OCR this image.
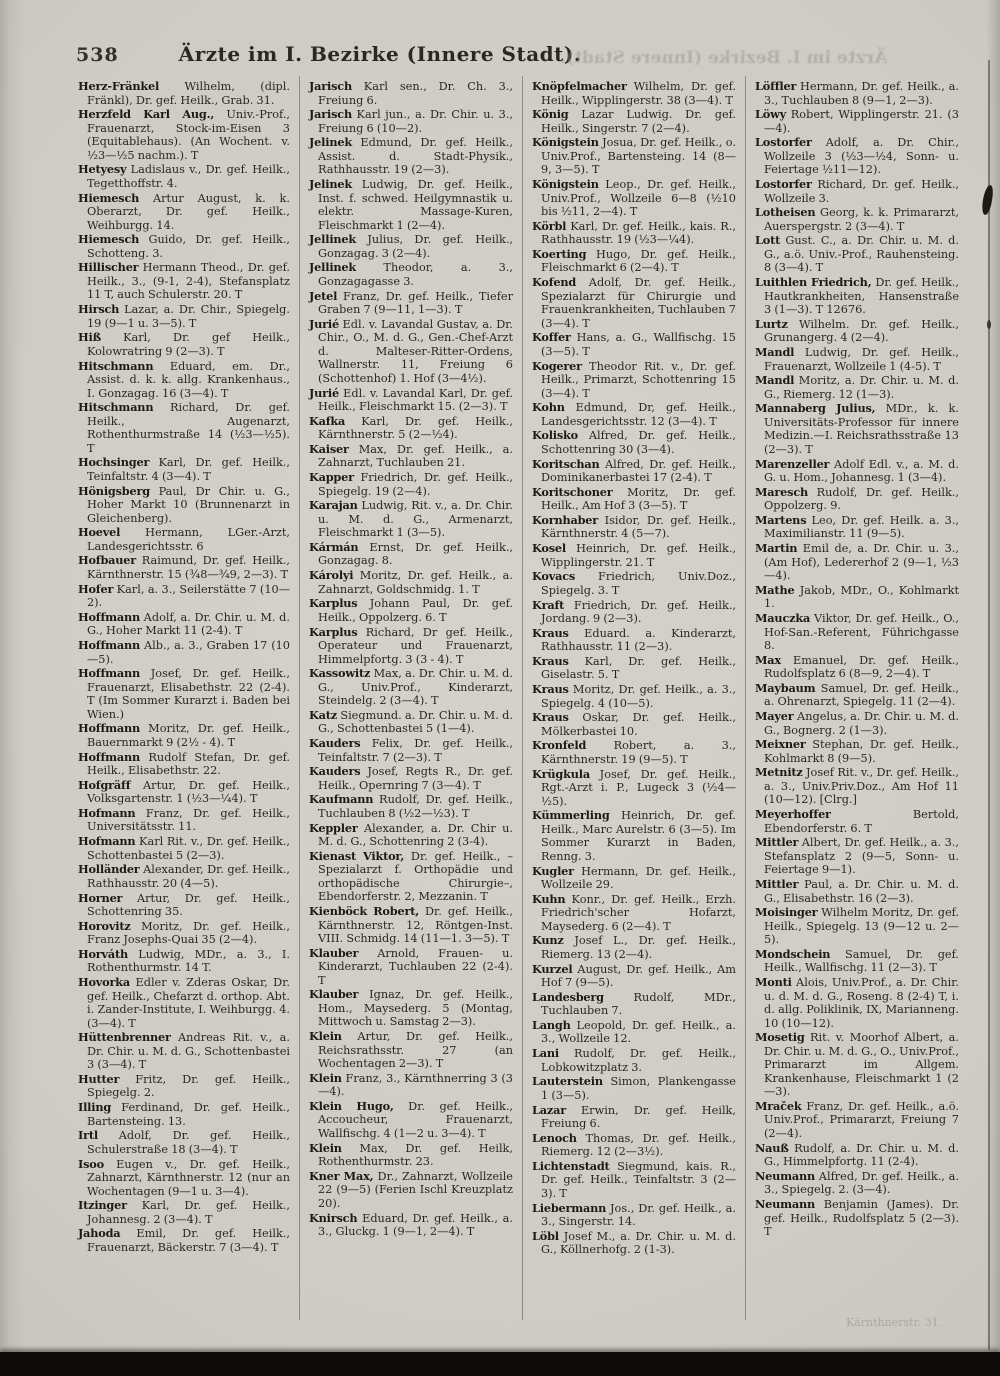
538	Ärzte im I. Bezirke (Innere Stadt).
Ärzte im I. Bezirke (Innere Stadt).
Herz-Fränkel Wilhelm, (dipl. Fränkl), Dr. gef. Heilk., Grab. 31.
Herzfeld Karl Aug., Univ.-Prof., Frauenarzt, Stock-im-Eisen 3 (Equitablehaus). (An Wochent. v. ½3—½5 nachm.). T
Hetyesy Ladislaus v., Dr. gef. Heilk., Tegetthoffstr. 4.
Hiemesch Artur August, k. k. Oberarzt, Dr. gef. Heilk., Weihburgg. 14.
Hiemesch Guido, Dr. gef. Heilk., Schotteng. 3.
Hillischer Hermann Theod., Dr. gef. Heilk., 3., (9-1, 2-4), Stefansplatz 11 T, auch Schulerstr. 20. T
Hirsch Lazar, a. Dr. Chir., Spiegelg. 19 (9—1 u. 3—5). T
Hiß Karl, Dr. gef Heilk., Kolowratring 9 (2—3). T
Hitschmann Eduard, em. Dr., Assist. d. k. k. allg. Krankenhaus., I. Gonzagag. 16 (3—4). T
Hitschmann Richard, Dr. gef. Heilk., Augenarzt, Rothenthurmstraße 14 (½3—½5). T
Hochsinger Karl, Dr. gef. Heilk., Teinfaltstr. 4 (3—4). T
Hönigsberg Paul, Dr Chir. u. G., Hoher Markt 10 (Brunnenarzt in Gleichenberg).
Hoevel Hermann, LGer.-Arzt, Landesgerichtsstr. 6
Hofbauer Raimund, Dr. gef. Heilk., Kärnthnerstr. 15 (¾8—¾9, 2—3). T
Hofer Karl, a. 3., Seilerstätte 7 (10—2).
Hoffmann Adolf, a. Dr. Chir. u. M. d. G., Hoher Markt 11 (2-4). T
Hoffmann Alb., a. 3., Graben 17 (10—5).
Hoffmann Josef, Dr. gef. Heilk., Frauenarzt, Elisabethstr. 22 (2-4). T (Im Sommer Kurarzt i. Baden bei Wien.)
Hoffmann Moritz, Dr. gef. Heilk., Bauernmarkt 9 (2½ - 4). T
Hoffmann Rudolf Stefan, Dr. gef. Heilk., Elisabethstr. 22.
Hofgräff Artur, Dr. gef. Heilk., Volksgartenstr. 1 (½3—¼4). T
Hofmann Franz, Dr. gef. Heilk., Universitätsstr. 11.
Hofmann Karl Rit. v., Dr. gef. Heilk., Schottenbastei 5 (2—3).
Holländer Alexander, Dr. gef. Heilk., Rathhausstr. 20 (4—5).
Horner Artur, Dr. gef. Heilk., Schottenring 35.
Horovitz Moritz, Dr. gef. Heilk., Franz Josephs-Quai 35 (2—4).
Horváth Ludwig, MDr., a. 3., I. Rothenthurmstr. 14 T.
Hovorka Edler v. Zderas Oskar, Dr. gef. Heilk., Chefarzt d. orthop. Abt. i. Zander-Institute, I. Weihburgg. 4. (3—4). T
Hüttenbrenner Andreas Rit. v., a. Dr. Chir. u. M. d. G., Schottenbastei 3 (3—4). T
Hutter Fritz, Dr. gef. Heilk., Spiegelg. 2.
Illing Ferdinand, Dr. gef. Heilk., Bartensteing. 13.
Irtl Adolf, Dr. gef. Heilk., Schulerstraße 18 (3—4). T
Isoo Eugen v., Dr. gef. Heilk., Zahnarzt, Kärnthnerstr. 12 (nur an Wochentagen (9—1 u. 3—4).
Itzinger Karl, Dr. gef. Heilk., Johannesg. 2 (3—4). T
Jahoda Emil, Dr. gef. Heilk., Frauenarzt, Bäckerstr. 7 (3—4). T
Jarisch Karl sen., Dr. Ch. 3., Freiung 6.
Jarisch Karl jun., a. Dr. Chir. u. 3., Freiung 6 (10—2).
Jelinek Edmund, Dr. gef. Heilk., Assist. d. Stadt-Physik., Rathhausstr. 19 (2—3).
Jelinek Ludwig, Dr. gef. Heilk., Inst. f. schwed. Heilgymnastik u. elektr. Massage-Kuren, Fleischmarkt 1 (2—4).
Jellinek Julius, Dr. gef. Heilk., Gonzagag. 3 (2—4).
Jellinek Theodor, a. 3., Gonzagagasse 3.
Jetel Franz, Dr. gef. Heilk., Tiefer Graben 7 (9—11, 1—3). T
Jurié Edl. v. Lavandal Gustav, a. Dr. Chir., O., M. d. G., Gen.-Chef-Arzt d. Malteser-Ritter-Ordens, Wallnerstr. 11, Freiung 6 (Schottenhof) 1. Hof (3—4½).
Jurié Edl. v. Lavandal Karl, Dr. gef. Heilk., Fleischmarkt 15. (2—3). T
Kafka Karl, Dr. gef. Heilk., Kärnthnerstr. 5 (2—½4).
Kaiser Max, Dr. gef. Heilk., a. Zahnarzt, Tuchlauben 21.
Kapper Friedrich, Dr. gef. Heilk., Spiegelg. 19 (2—4).
Karajan Ludwig, Rit. v., a. Dr. Chir. u. M. d. G., Armenarzt, Fleischmarkt 1 (3—5).
Kármán Ernst, Dr. gef. Heilk., Gonzagag. 8.
Károlyi Moritz, Dr. gef. Heilk., a. Zahnarzt, Goldschmidg. 1. T
Karplus Johann Paul, Dr. gef. Heilk., Oppolzerg. 6. T
Karplus Richard, Dr gef. Heilk., Operateur und Frauenarzt, Himmelpfortg. 3 (3 - 4). T
Kassowitz Max, a. Dr. Chir. u. M. d. G., Univ.Prof., Kinderarzt, Steindelg. 2 (3—4). T
Katz Siegmund. a. Dr. Chir. u. M. d. G., Schottenbastei 5 (1—4).
Kauders Felix, Dr. gef. Heilk., Teinfaltstr. 7 (2—3). T
Kauders Josef, Regts R., Dr. gef. Heilk., Opernring 7 (3—4). T
Kaufmann Rudolf, Dr. gef. Heilk., Tuchlauben 8 (½2—½3). T
Keppler Alexander, a. Dr. Chir u. M. d. G., Schottenring 2 (3-4).
Kienast Viktor, Dr. gef. Heilk., –Spezialarzt f. Orthopädie und orthopädische Chirurgie–, Ebendorferstr. 2, Mezzanin. T
Kienböck Robert, Dr. gef. Heilk., Kärnthnerstr. 12, Röntgen-Inst. VIII. Schmidg. 14 (11—1. 3—5). T
Klauber Arnold, Frauen- u. Kinderarzt, Tuchlauben 22 (2-4). T
Klauber Ignaz, Dr. gef. Heilk., Hom., Maysederg. 5 (Montag, Mittwoch u. Samstag 2—3).
Klein Artur, Dr. gef. Heilk., Reichsrathsstr. 27 (an Wochentagen 2—3). T
Klein Franz, 3., Kärnthnerring 3 (3—4).
Klein Hugo, Dr. gef. Heilk., Accoucheur, Frauenarzt, Wallfischg. 4 (1—2 u. 3—4). T
Klein Max, Dr. gef. Heilk, Rothenthurmstr. 23.
Kner Max, Dr., Zahnarzt, Wollzeile 22 (9—5) (Ferien Ischl Kreuzplatz 20).
Knirsch Eduard, Dr. gef. Heilk., a. 3., Gluckg. 1 (9—1, 2—4). T
Knöpfelmacher Wilhelm, Dr. gef. Heilk., Wipplingerstr. 38 (3—4). T
König Lazar Ludwig. Dr. gef. Heilk., Singerstr. 7 (2—4).
Königstein Josua, Dr. gef. Heilk., o. Univ.Prof., Bartensteing. 14 (8—9, 3—5). T
Königstein Leop., Dr. gef. Heilk., Univ.Prof., Wollzeile 6—8 (½10 bis ½11, 2—4). T
Körbl Karl, Dr. gef. Heilk., kais. R., Rathhausstr. 19 (½3—¼4).
Koerting Hugo, Dr. gef. Heilk., Fleischmarkt 6 (2—4). T
Kofend Adolf, Dr. gef. Heilk., Spezialarzt für Chirurgie und Frauenkrankheiten, Tuchlauben 7 (3—4). T
Koffer Hans, a. G., Wallfischg. 15 (3—5). T
Kogerer Theodor Rit. v., Dr. gef. Heilk., Primarzt, Schottenring 15 (3—4). T
Kohn Edmund, Dr, gef. Heilk., Landesgerichtsstr. 12 (3—4). T
Kolisko Alfred, Dr. gef. Heilk., Schottenring 30 (3—4).
Koritschan Alfred, Dr. gef. Heilk., Dominikanerbastei 17 (2-4). T
Koritschoner Moritz, Dr. gef. Heilk., Am Hof 3 (3—5). T
Kornhaber Isidor, Dr. gef. Heilk., Kärnthnerstr. 4 (5—7).
Kosel Heinrich, Dr. gef. Heilk., Wipplingerstr. 21. T
Kovacs Friedrich, Univ.Doz., Spiegelg. 3. T
Kraft Friedrich, Dr. gef. Heilk., Jordang. 9 (2—3).
Kraus Eduard. a. Kinderarzt, Rathhausstr. 11 (2—3).
Kraus Karl, Dr. gef. Heilk., Giselastr. 5. T
Kraus Moritz, Dr. gef. Heilk., a. 3., Spiegelg. 4 (10—5).
Kraus Oskar, Dr. gef. Heilk., Mölkerbastei 10.
Kronfeld Robert, a. 3., Kärnthnerstr. 19 (9—5). T
Krügkula Josef, Dr. gef. Heilk., Rgt.-Arzt i. P., Lugeck 3 (½4—½5).
Kümmerling Heinrich, Dr. gef. Heilk., Marc Aurelstr. 6 (3—5). Im Sommer Kurarzt in Baden, Renng. 3.
Kugler Hermann, Dr. gef. Heilk., Wollzeile 29.
Kuhn Konr., Dr. gef. Heilk., Erzh. Friedrich'scher Hofarzt, Maysederg. 6 (2—4). T
Kunz Josef L., Dr. gef. Heilk., Riemerg. 13 (2—4).
Kurzel August, Dr. gef. Heilk., Am Hof 7 (9—5).
Landesberg Rudolf, MDr., Tuchlauben 7.
Langh Leopold, Dr. gef. Heilk., a. 3., Wollzeile 12.
Lani Rudolf, Dr. gef. Heilk., Lobkowitzplatz 3.
Lauterstein Simon, Plankengasse 1 (3—5).
Lazar Erwin, Dr. gef. Heilk, Freiung 6.
Lenoch Thomas, Dr. gef. Heilk., Riemerg. 12 (2—3½).
Lichtenstadt Siegmund, kais. R., Dr. gef. Heilk., Teinfaltstr. 3 (2—3). T
Liebermann Jos., Dr. gef. Heilk., a. 3., Singerstr. 14.
Löbl Josef M., a. Dr. Chir. u. M. d. G., Köllnerhofg. 2 (1-3).
Löffler Hermann, Dr. gef. Heilk., a. 3., Tuchlauben 8 (9—1, 2—3).
Löwy Robert, Wipplingerstr. 21. (3—4).
Lostorfer Adolf, a. Dr. Chir., Wollzeile 3 (½3—½4, Sonn- u. Feiertage ½11—12).
Lostorfer Richard, Dr. gef. Heilk., Wollzeile 3.
Lotheisen Georg, k. k. Primararzt, Auerspergstr. 2 (3—4). T
Lott Gust. C., a. Dr. Chir. u. M. d. G., a.ö. Univ.-Prof., Rauhensteing. 8 (3—4). T
Luithlen Friedrich, Dr. gef. Heilk., Hautkrankheiten, Hansenstraße 3 (1—3). T 12676.
Lurtz Wilhelm. Dr. gef. Heilk., Grunangerg. 4 (2—4).
Mandl Ludwig, Dr. gef. Heilk., Frauenarzt, Wollzeile 1 (4-5). T
Mandl Moritz, a. Dr. Chir. u. M. d. G., Riemerg. 12 (1—3).
Mannaberg Julius, MDr., k. k. Universitäts-Professor für innere Medizin.—I. Reichsrathsstraße 13 (2—3). T
Marenzeller Adolf Edl. v., a. M. d. G. u. Hom., Johannesg. 1 (3—4).
Maresch Rudolf, Dr. gef. Heilk., Oppolzerg. 9.
Martens Leo, Dr. gef. Heilk. a. 3., Maximilianstr. 11 (9—5).
Martin Emil de, a. Dr. Chir. u. 3., (Am Hof), Ledererhof 2 (9—1, ½3—4).
Mathe Jakob, MDr., O., Kohlmarkt 1.
Mauczka Viktor, Dr. gef. Heilk., O., Hof-San.-Referent, Führichgasse 8.
Max Emanuel, Dr. gef. Heilk., Rudolfsplatz 6 (8—9, 2—4). T
Maybaum Samuel, Dr. gef. Heilk., a. Ohrenarzt, Spiegelg. 11 (2—4).
Mayer Angelus, a. Dr. Chir. u. M. d. G., Bognerg. 2 (1—3).
Meixner Stephan, Dr. gef. Heilk., Kohlmarkt 8 (9—5).
Metnitz Josef Rit. v., Dr. gef. Heilk., a. 3., Univ.Priv.Doz., Am Hof 11 (10—12). [Clrg.]
Meyerhoffer Bertold, Ebendorferstr. 6. T
Mittler Albert, Dr. gef. Heilk., a. 3., Stefansplatz 2 (9—5, Sonn- u. Feiertage 9—1).
Mittler Paul, a. Dr. Chir. u. M. d. G., Elisabethstr. 16 (2—3).
Moisinger Wilhelm Moritz, Dr. gef. Heilk., Spiegelg. 13 (9—12 u. 2—5).
Mondschein Samuel, Dr. gef. Heilk., Wallfischg. 11 (2—3). T
Monti Alois, Univ.Prof., a. Dr. Chir. u. d. M. d. G., Roseng. 8 (2-4) T, i. d. allg. Poliklinik, IX, Marianneng. 10 (10—12).
Mosetig Rit. v. Moorhof Albert, a. Dr. Chir. u. M. d. G., O., Univ.Prof., Primararzt im Allgem. Krankenhause, Fleischmarkt 1 (2—3).
Mraček Franz, Dr. gef. Heilk., a.ö. Univ.Prof., Primararzt, Freiung 7 (2—4).
Nauß Rudolf, a. Dr. Chir. u. M. d. G., Himmelpfortg. 11 (2-4).
Neumann Alfred, Dr. gef. Heilk., a. 3., Spiegelg. 2. (3—4).
Neumann Benjamin (James). Dr. gef. Heilk., Rudolfsplatz 5 (2—3). T
Kärnthnerstr. 31.
